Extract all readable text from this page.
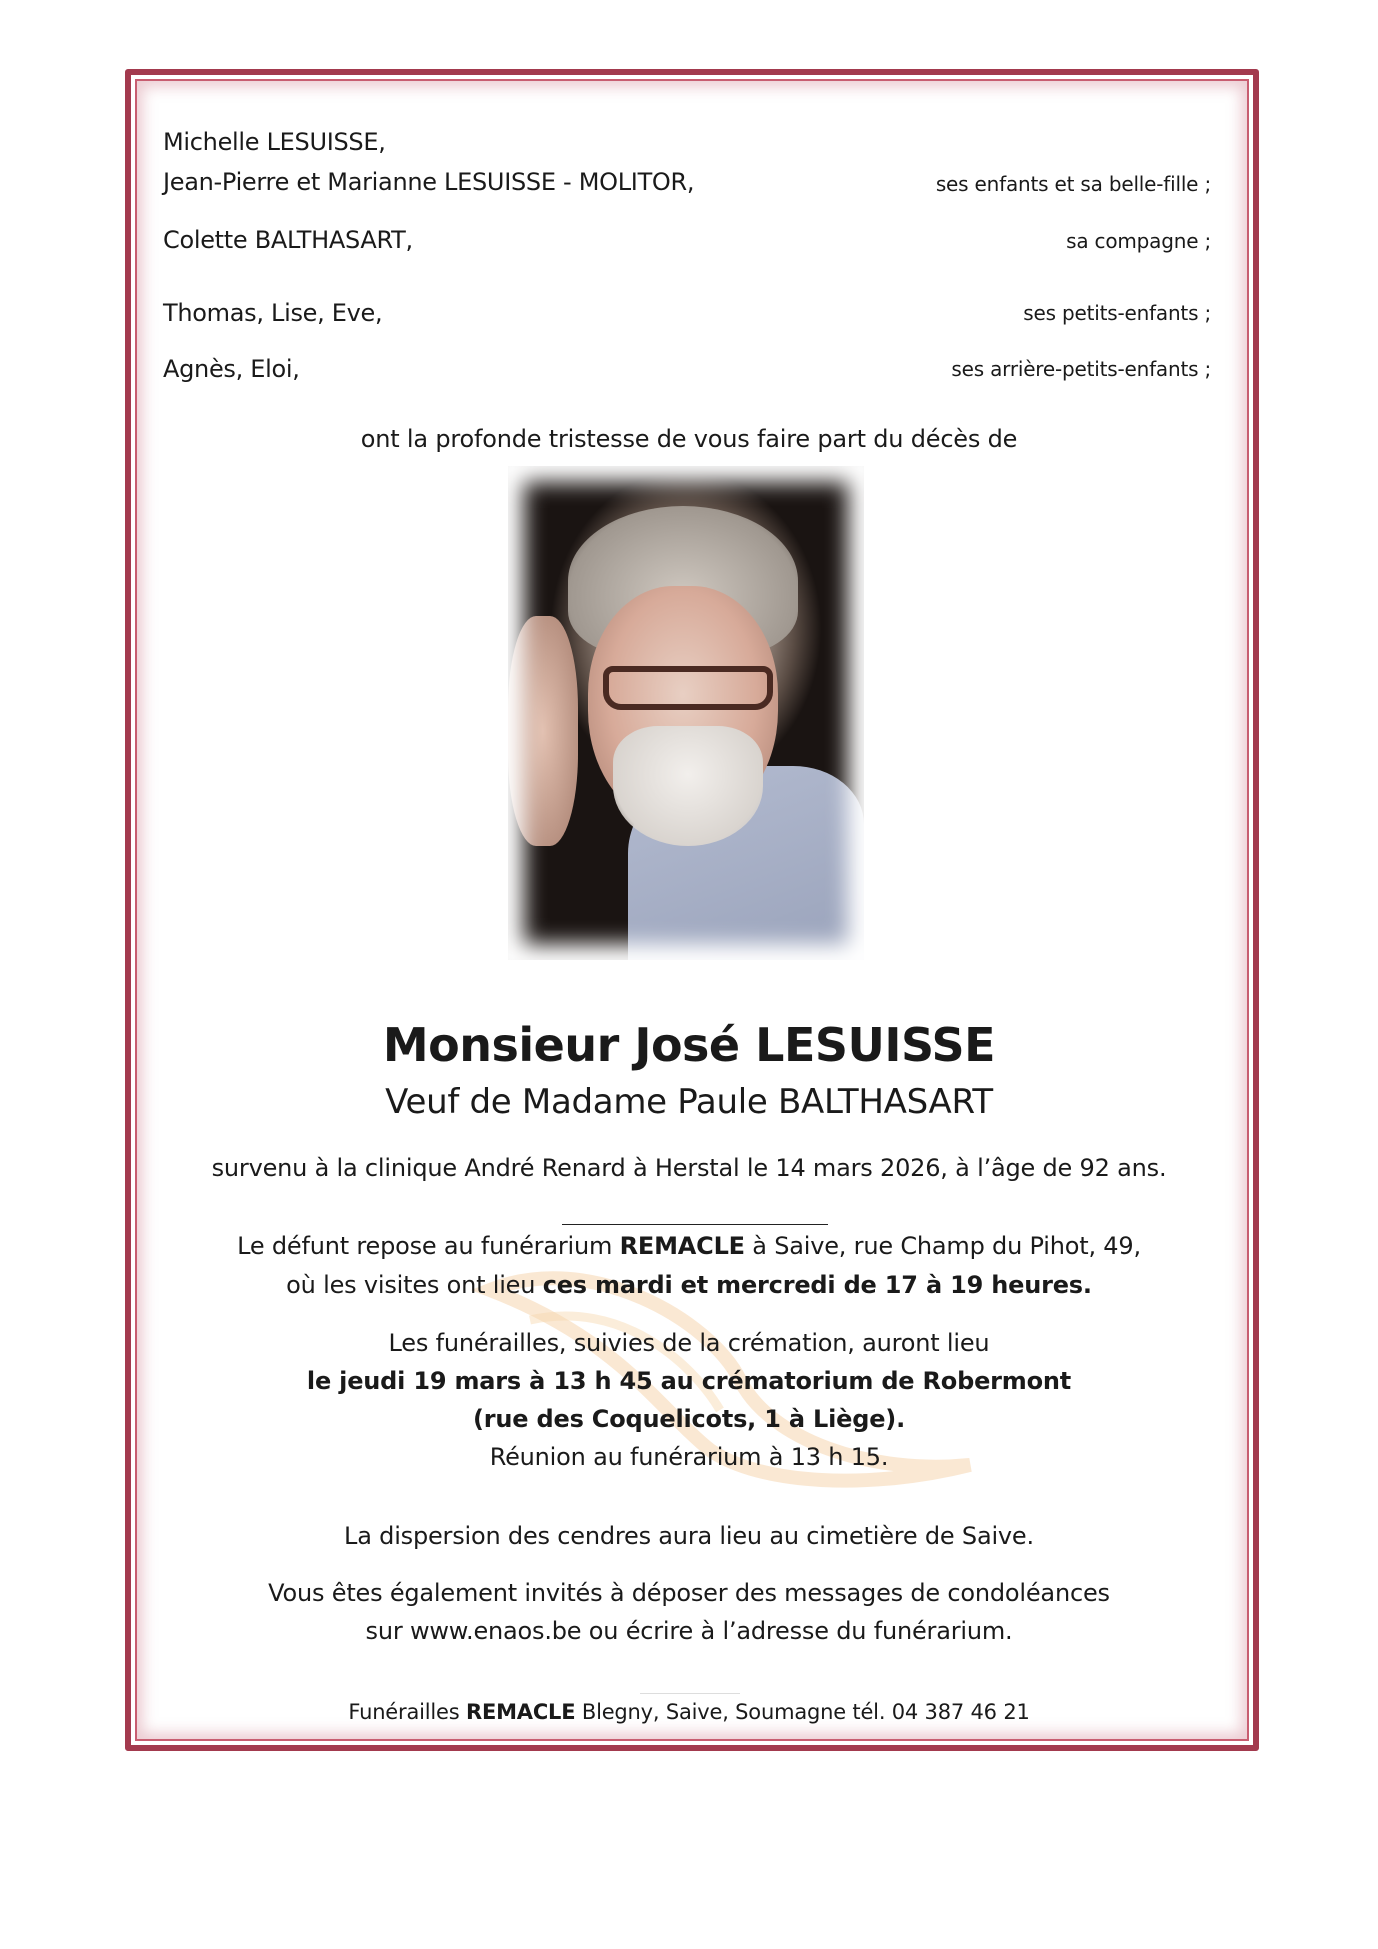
Michelle LESUISSE,
Jean-Pierre et Marianne LESUISSE - MOLITOR,	ses enfants et sa belle-fille ;
Colette BALTHASART,	sa compagne ;
Thomas, Lise, Eve,	ses petits-enfants ;
Agnès, Eloi,	ses arrière-petits-enfants ;
ont la profonde tristesse de vous faire part du décès de
Monsieur José LESUISSE
Veuf de Madame Paule BALTHASART
survenu à la clinique André Renard à Herstal le 14 mars 2026, à l’âge de 92 ans.
Le défunt repose au funérarium REMACLE à Saive, rue Champ du Pihot, 49,
où les visites ont lieu ces mardi et mercredi de 17 à 19 heures.
Les funérailles, suivies de la crémation, auront lieu
le jeudi 19 mars à 13 h 45 au crématorium de Robermont
(rue des Coquelicots, 1 à Liège).
Réunion au funérarium à 13 h 15.
La dispersion des cendres aura lieu au cimetière de Saive.
Vous êtes également invités à déposer des messages de condoléances
sur www.enaos.be ou écrire à l’adresse du funérarium.
Funérailles REMACLE Blegny, Saive, Soumagne tél. 04 387 46 21
